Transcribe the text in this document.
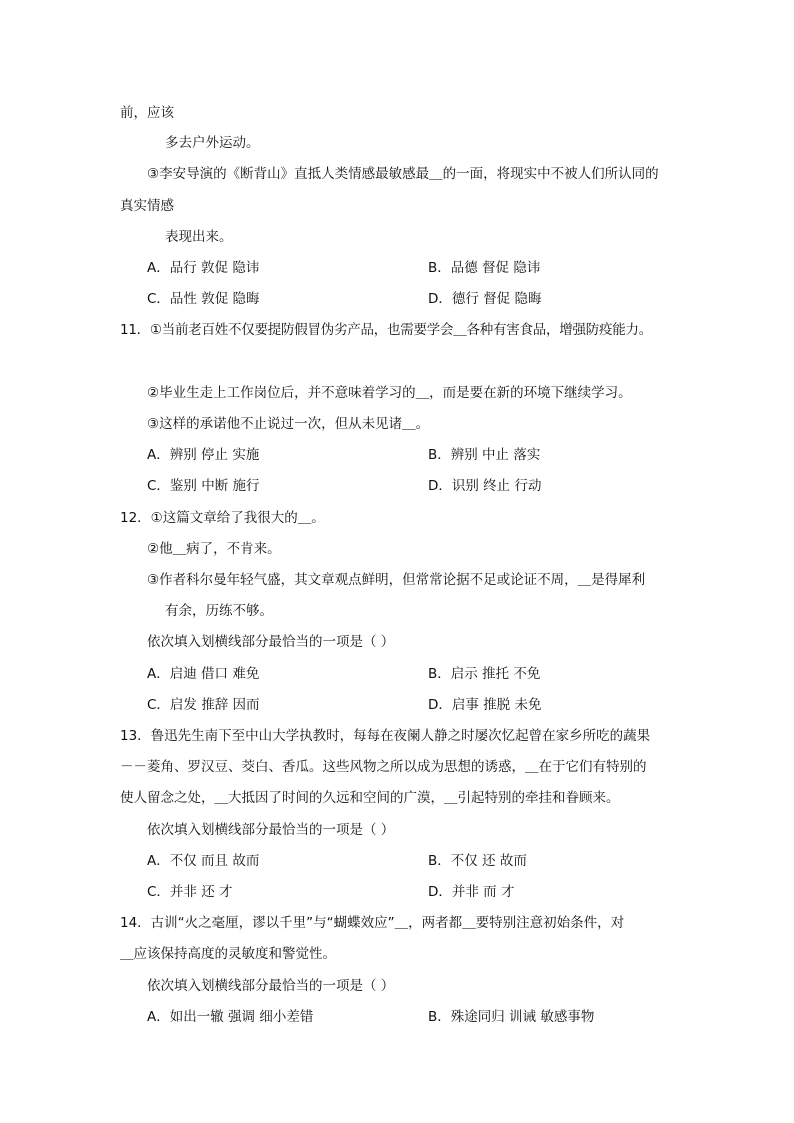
前，应该
多去户外运动。
③李安导演的《断背山》直抵人类情感最敏感最＿的一面，将现实中不被人们所认同的
真实情感
表现出来。
A．品行 敦促 隐讳	B．品德 督促 隐讳
C．品性 敦促 隐晦	D．德行 督促 隐晦
11．①当前老百姓不仅要提防假冒伪劣产品，也需要学会＿各种有害食品，增强防疫能力。
②毕业生走上工作岗位后，并不意味着学习的＿，而是要在新的环境下继续学习。
③这样的承诺他不止说过一次，但从未见诸＿。
A．辨别 停止 实施	B．辨别 中止 落实
C．鉴别 中断 施行	D．识别 终止 行动
12．①这篇文章给了我很大的＿。
②他＿病了，不肯来。
③作者科尔曼年轻气盛，其文章观点鲜明，但常常论据不足或论证不周，＿是得犀利
有余，历练不够。
依次填入划横线部分最恰当的一项是（ ）
A．启迪 借口 难免	B．启示 推托 不免
C．启发 推辞 因而	D．启事 推脱 未免
13．鲁迅先生南下至中山大学执教时，每每在夜阑人静之时屡次忆起曾在家乡所吃的蔬果
－－菱角、罗汉豆、茭白、香瓜。这些风物之所以成为思想的诱惑，＿在于它们有特别的
使人留念之处，＿大抵因了时间的久远和空间的广漠，＿引起特别的牵挂和眷顾来。
依次填入划横线部分最恰当的一项是（ ）
A．不仅 而且 故而	B．不仅 还 故而
C．并非 还 才	D．并非 而 才
14．古训“火之毫厘，谬以千里”与“蝴蝶效应”＿，两者都＿要特别注意初始条件，对
＿应该保持高度的灵敏度和警觉性。
依次填入划横线部分最恰当的一项是（ ）
A．如出一辙 强调 细小差错	B．殊途同归 训诫 敏感事物
